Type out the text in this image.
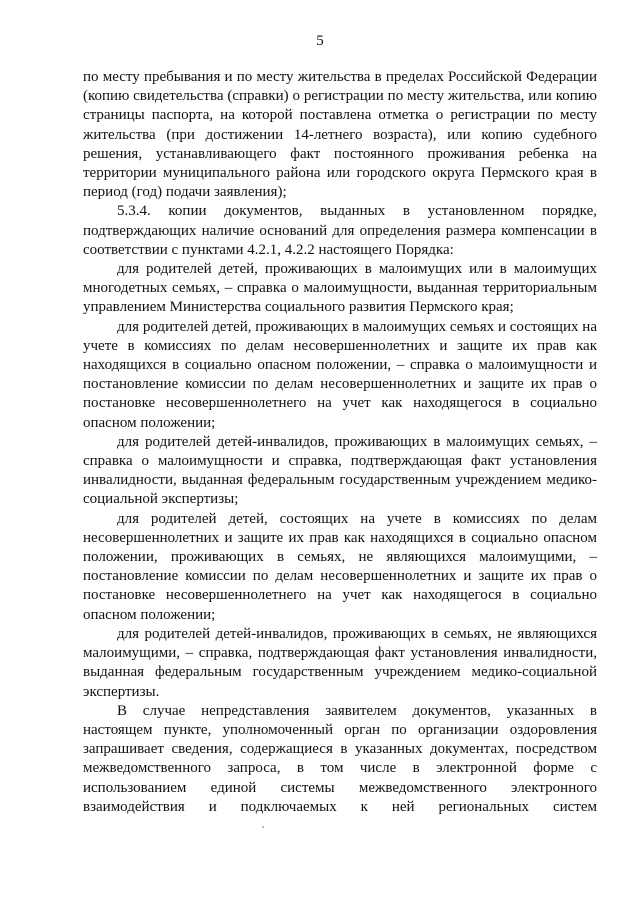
5

по месту пребывания и по месту жительства в пределах Российской Федерации (копию свидетельства (справки) о регистрации по месту жительства, или копию страницы паспорта, на которой поставлена отметка о регистрации по месту жительства (при достижении 14-летнего возраста), или копию судебного решения, устанавливающего факт постоянного проживания ребенка на территории муниципального района или городского округа Пермского края в период (год) подачи заявления);

5.3.4. копии документов, выданных в установленном порядке, подтверждающих наличие оснований для определения размера компенсации в соответствии с пунктами 4.2.1, 4.2.2 настоящего Порядка:

для родителей детей, проживающих в малоимущих или в малоимущих многодетных семьях, – справка о малоимущности, выданная территориальным управлением Министерства социального развития Пермского края;

для родителей детей, проживающих в малоимущих семьях и состоящих на учете в комиссиях по делам несовершеннолетних и защите их прав как находящихся в социально опасном положении, – справка о малоимущности и постановление комиссии по делам несовершеннолетних и защите их прав о постановке несовершеннолетнего на учет как находящегося в социально опасном положении;

для родителей детей-инвалидов, проживающих в малоимущих семьях, – справка о малоимущности и справка, подтверждающая факт установления инвалидности, выданная федеральным государственным учреждением медико-социальной экспертизы;

для родителей детей, состоящих на учете в комиссиях по делам несовершеннолетних и защите их прав как находящихся в социально опасном положении, проживающих в семьях, не являющихся малоимущими, – постановление комиссии по делам несовершеннолетних и защите их прав о постановке несовершеннолетнего на учет как находящегося в социально опасном положении;

для родителей детей-инвалидов, проживающих в семьях, не являющихся малоимущими, – справка, подтверждающая факт установления инвалидности, выданная федеральным государственным учреждением медико-социальной экспертизы.

В случае непредставления заявителем документов, указанных в настоящем пункте, уполномоченный орган по организации оздоровления запрашивает сведения, содержащиеся в указанных документах, посредством межведомственного запроса, в том числе в электронной форме с использованием единой системы межведомственного электронного взаимодействия и подключаемых к ней региональных систем
